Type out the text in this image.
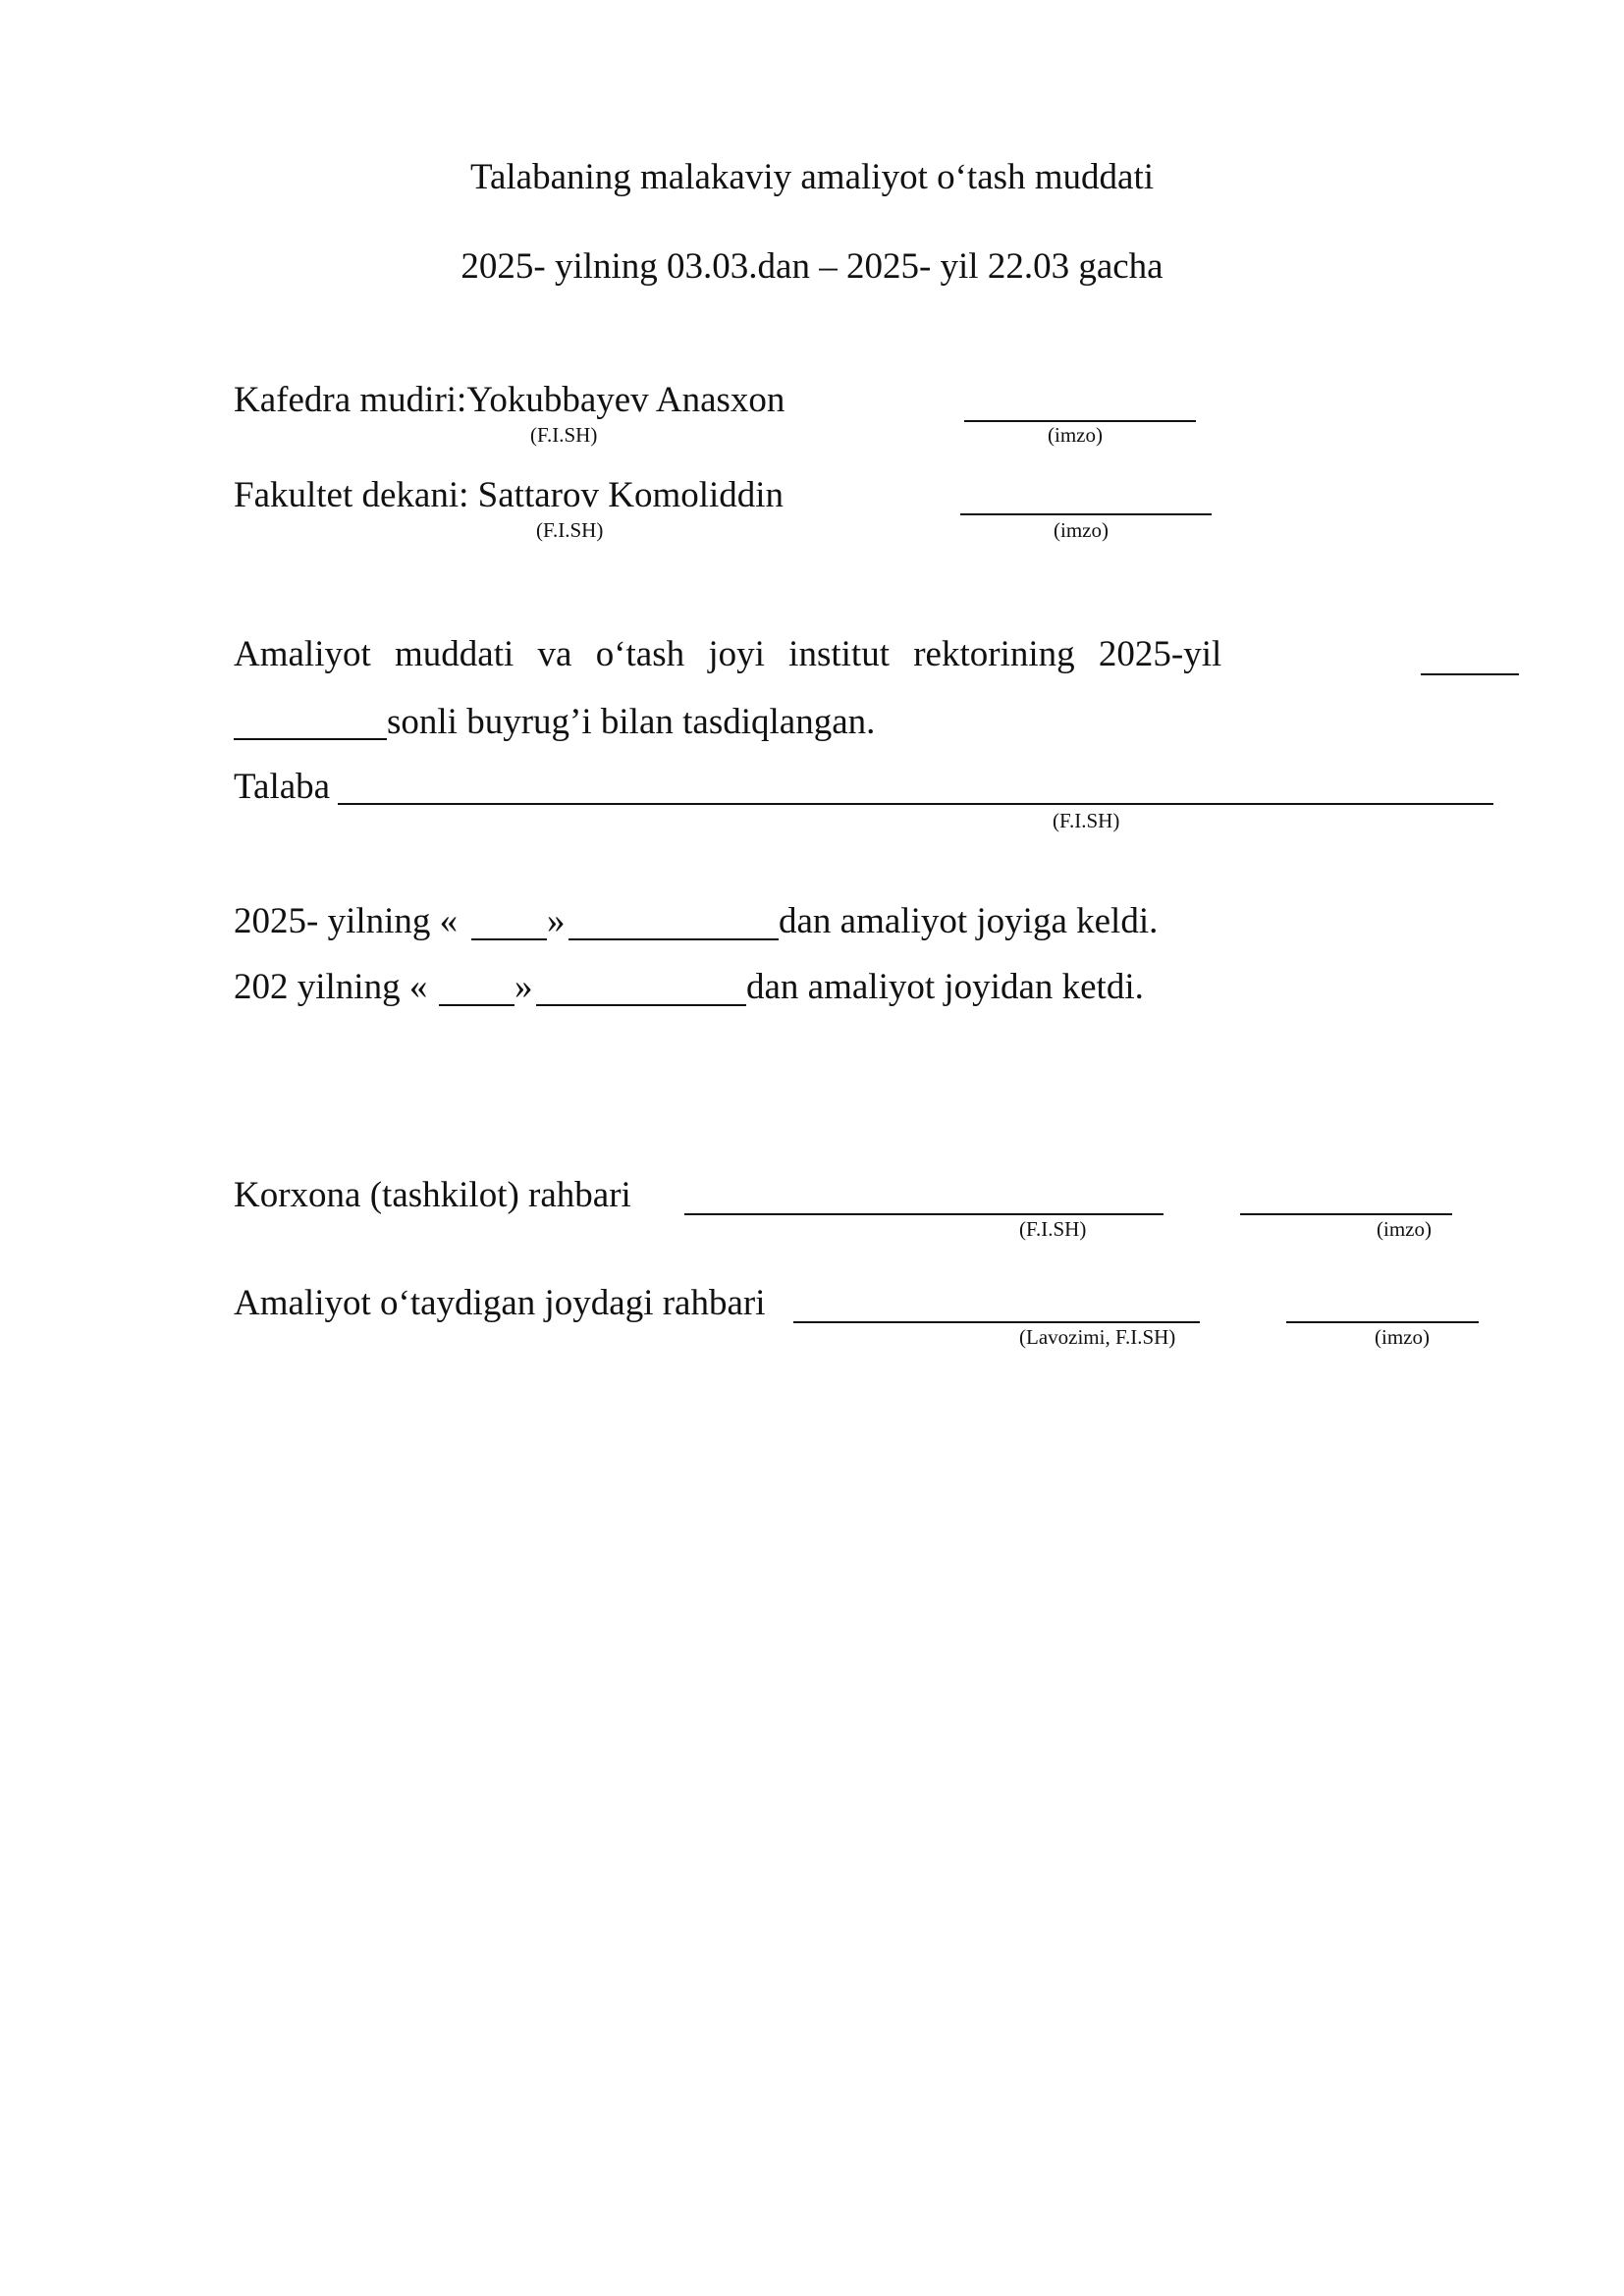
Talabaning malakaviy amaliyot o‘tash muddati
2025- yilning 03.03.dan – 2025- yil 22.03 gacha
Kafedra mudiri:Yokubbayev Anasxon
(F.I.SH)	(imzo)
Fakultet dekani: Sattarov Komoliddin
(F.I.SH)	(imzo)
Amaliyot muddati va o‘tash joyi institut rektorining 2025-yil
sonli buyrug’i bilan tasdiqlangan.
Talaba
(F.I.SH)
2025- yilning « »	dan amaliyot joyiga keldi.
202 yilning « »	dan amaliyot joyidan ketdi.
Korxona (tashkilot) rahbari
(F.I.SH)	(imzo)
Amaliyot o‘taydigan joydagi rahbari
(Lavozimi, F.I.SH)	(imzo)
